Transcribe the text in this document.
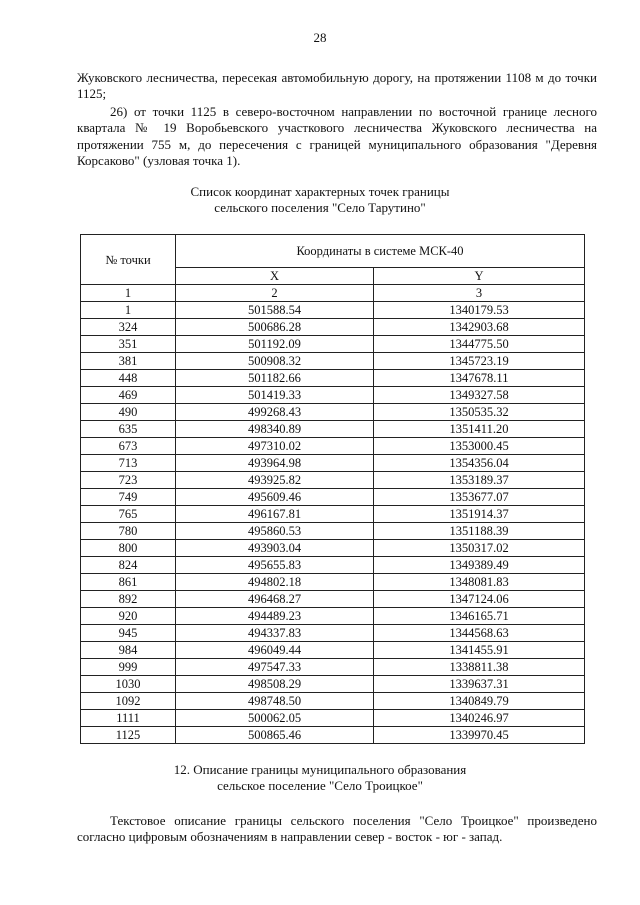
28

Жуковского лесничества, пересекая автомобильную дорогу, на протяжении 1108 м до точки 1125;

26) от точки 1125 в северо-восточном направлении по восточной границе лесного квартала № 19 Воробьевского участкового лесничества Жуковского лесничества на протяжении 755 м, до пересечения с границей муниципального образования "Деревня Корсаково" (узловая точка 1).

Список координат характерных точек границы
сельского поселения "Село Тарутино"
№ точки	Координаты в системе МСК-40	
	X	Y
1	2	3
1	501588.54	1340179.53
324	500686.28	1342903.68
351	501192.09	1344775.50
381	500908.32	1345723.19
448	501182.66	1347678.11
469	501419.33	1349327.58
490	499268.43	1350535.32
635	498340.89	1351411.20
673	497310.02	1353000.45
713	493964.98	1354356.04
723	493925.82	1353189.37
749	495609.46	1353677.07
765	496167.81	1351914.37
780	495860.53	1351188.39
800	493903.04	1350317.02
824	495655.83	1349389.49
861	494802.18	1348081.83
892	496468.27	1347124.06
920	494489.23	1346165.71
945	494337.83	1344568.63
984	496049.44	1341455.91
999	497547.33	1338811.38
1030	498508.29	1339637.31
1092	498748.50	1340849.79
1111	500062.05	1340246.97
1125	500865.46	1339970.45
12. Описание границы муниципального образования
сельское поселение "Село Троицкое"

Текстовое описание границы сельского поселения "Село Троицкое" произведено согласно цифровым обозначениям в направлении север - восток - юг - запад.
